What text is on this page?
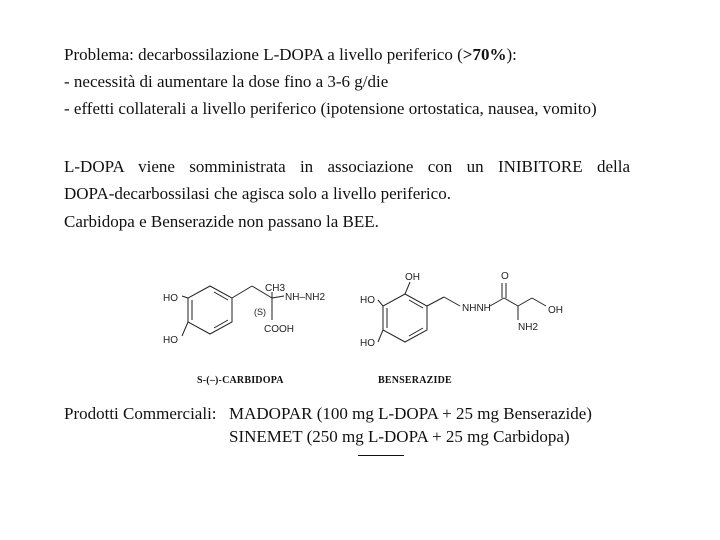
Problema: decarbossilazione L-DOPA a livello periferico (>70%):
- necessità di aumentare la dose fino a 3-6 g/die
- effetti collaterali a livello periferico (ipotensione ortostatica, nausea, vomito)
L-DOPA viene somministrata in associazione con un INIBITORE della
DOPA-decarbossilasi che agisca solo a livello periferico.
Carbidopa e Benserazide non passano la BEE.
HO
HO
CH3
NH–NH2
(S)
COOH
OH
HO
HO
NHNH
O
OH
NH2
S-(–)-CARBIDOPA	BENSERAZIDE
Prodotti Commerciali: MADOPAR (100 mg L-DOPA + 25 mg Benserazide)
SINEMET (250 mg L-DOPA + 25 mg Carbidopa)
